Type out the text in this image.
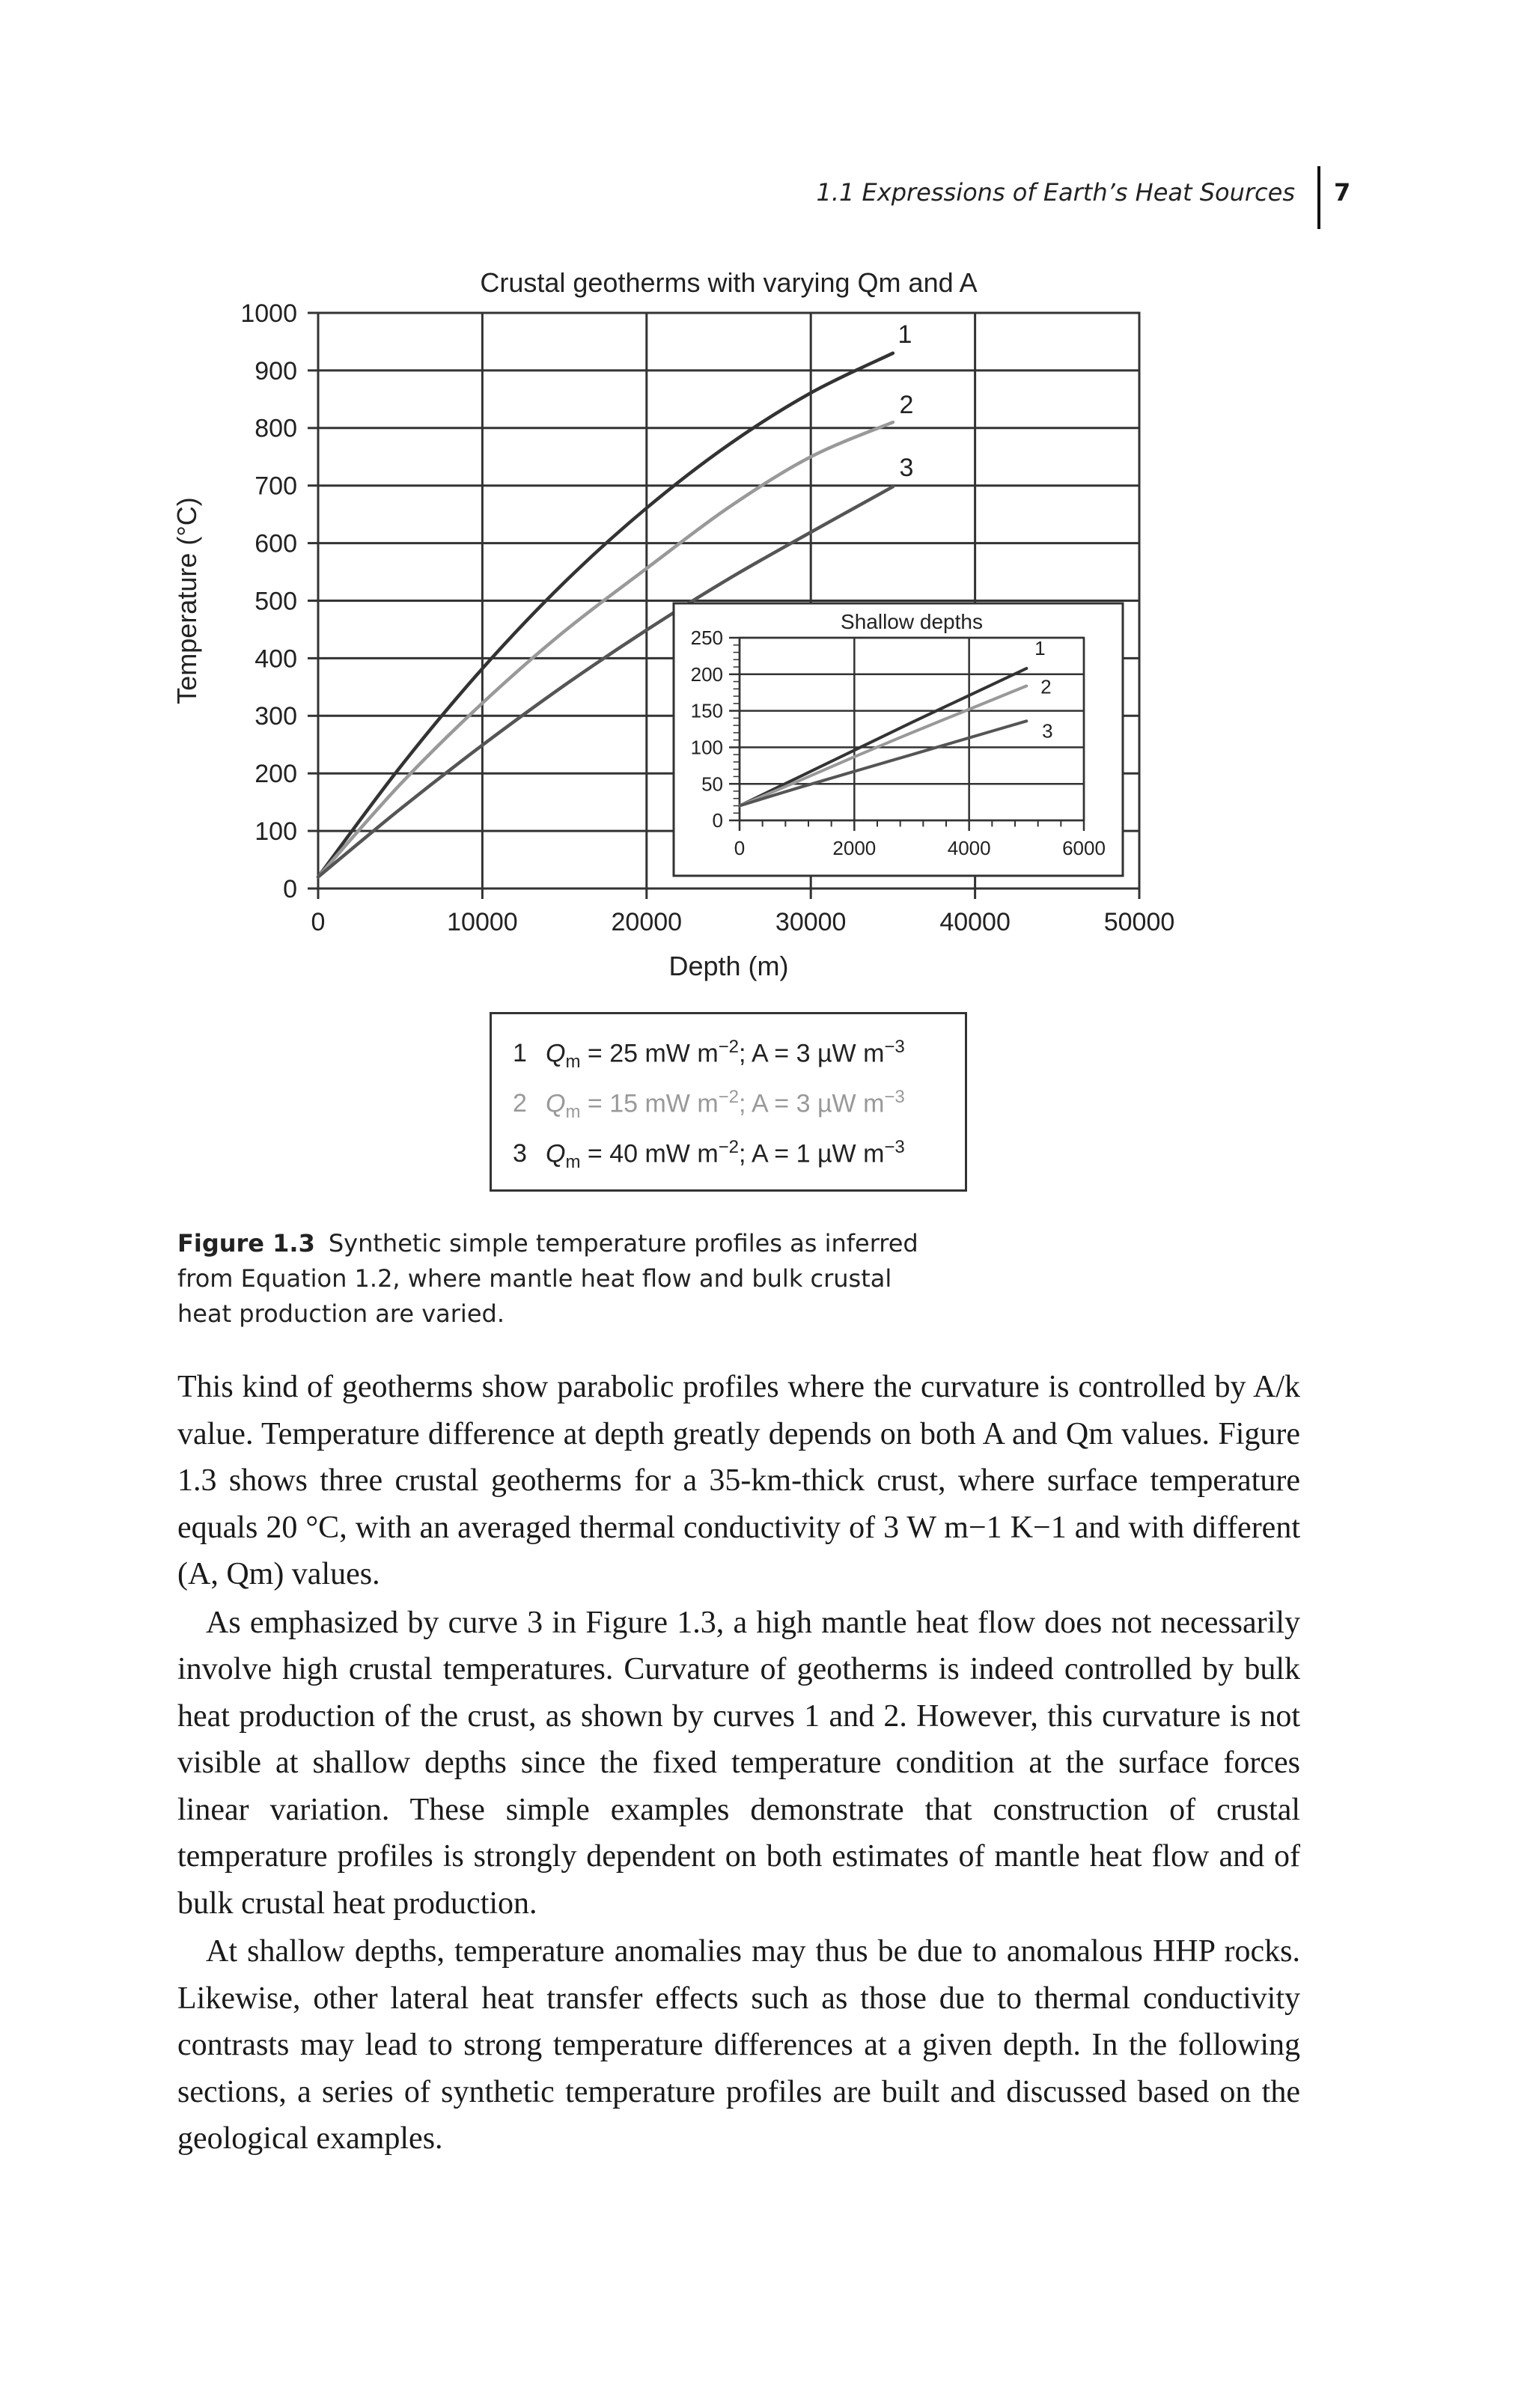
1.1 Expressions of Earth’s Heat Sources 7
0	10000	20000	30000	40000	50000
0
100
200
300
400
500
600
700
800
900
1000
Crustal geotherms with varying Qm and A
Depth (m)
Temperature (°C)
1
2
3
0	2000	4000	6000
0
50
100
150
200
250
Shallow depths
1
2
3
1 $Q_m = 25$ mW $m^{-2}$; A = 3 µW $m^{-3}$
2 $Q_m = 15$ mW $m^{-2}$; A = 3 µW $m^{-3}$
3 $Q_m = 40$ mW $m^{-2}$; A = 1 µW $m^{-3}$
Figure 1.3 Synthetic simple temperature profiles as inferred from Equation 1.2, where mantle heat flow and bulk crustal heat production are varied.

This kind of geotherms show parabolic profiles where the curvature is controlled by A/k value. Temperature difference at depth greatly depends on both A and Qm values. Figure 1.3 shows three crustal geotherms for a 35-km-thick crust, where surface temperature equals 20 °C, with an averaged thermal conductivity of 3 W m−1 K−1 and with different (A, Qm) values.

As emphasized by curve 3 in Figure 1.3, a high mantle heat flow does not necessarily involve high crustal temperatures. Curvature of geotherms is indeed controlled by bulk heat production of the crust, as shown by curves 1 and 2. However, this curvature is not visible at shallow depths since the fixed temperature condition at the surface forces linear variation. These simple examples demonstrate that construction of crustal temperature profiles is strongly dependent on both estimates of mantle heat flow and of bulk crustal heat production.

At shallow depths, temperature anomalies may thus be due to anomalous HHP rocks. Likewise, other lateral heat transfer effects such as those due to thermal conductivity contrasts may lead to strong temperature differences at a given depth. In the following sections, a series of synthetic temperature profiles are built and discussed based on the geological examples.
